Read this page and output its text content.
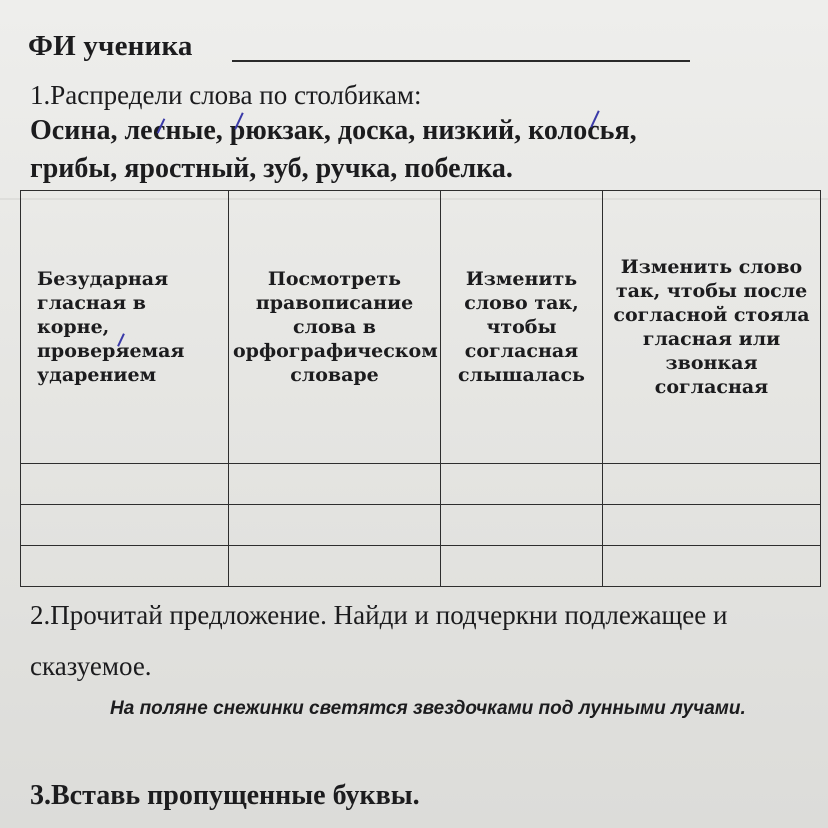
ФИ ученика
1.Распредели слова по столбикам:
Осина, лесные, рюкзак, доска, низкий, колосья,
грибы, яростный, зуб, ручка, побелка.
Безударная гласная в корне, проверяемая ударением	Посмотреть правописание слова в орфографическом словаре	Изменить слово так, чтобы согласная слышалась	Изменить слово так, чтобы после согласной стояла гласная или звонкая согласная

2.Прочитай предложение. Найди и подчеркни подлежащее и сказуемое.
На поляне снежинки светятся звездочками под лунными лучами.
3.Вставь пропущенные буквы.
